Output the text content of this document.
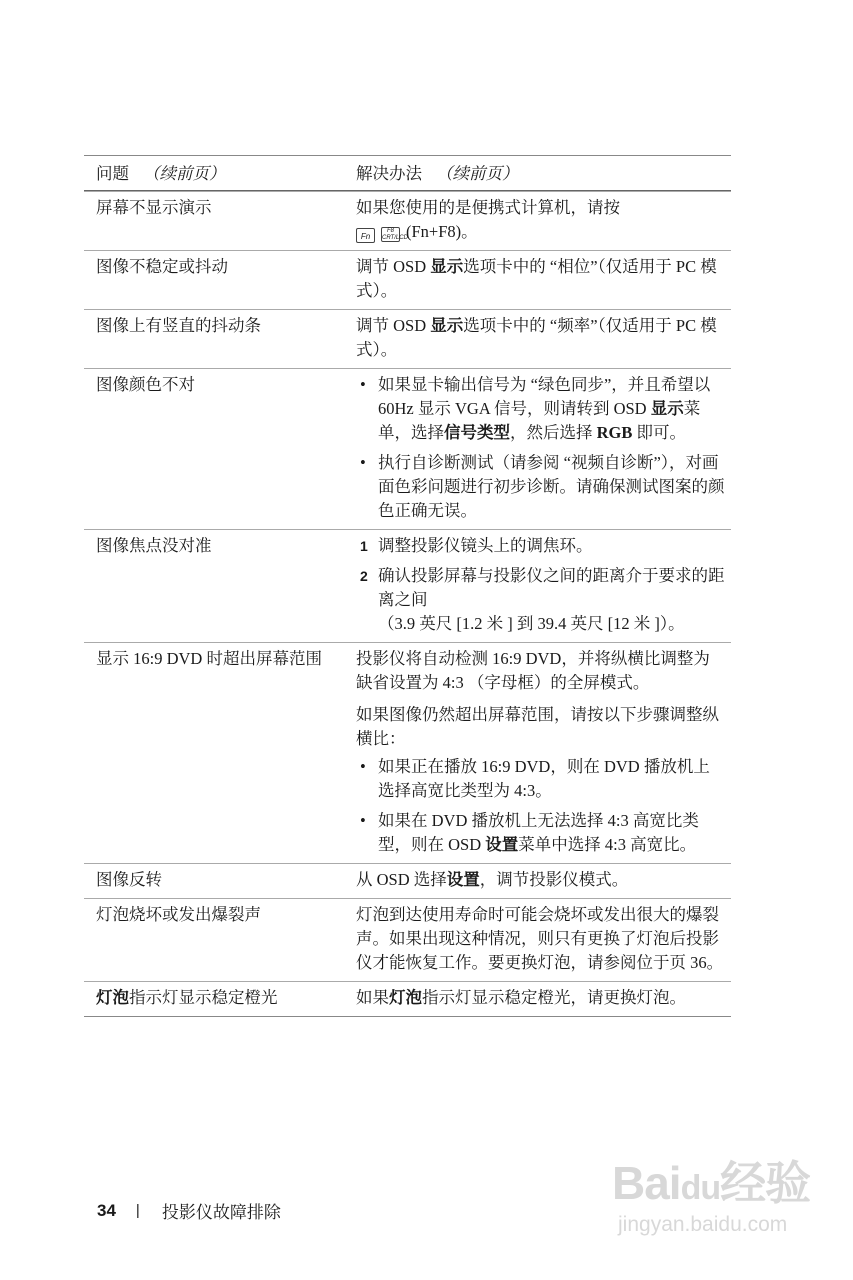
问题 （续前页）	解决办法 （续前页）
屏幕不显示演示	如果您使用的是便携式计算机，请按
FnF8
CRT/LCD(Fn+F8)。
图像不稳定或抖动	调节 OSD 显示选项卡中的 “相位”（仅适用于 PC 模式）。
图像上有竖直的抖动条	调节 OSD 显示选项卡中的 “频率”（仅适用于 PC 模式）。
图像颜色不对
•	如果显卡输出信号为 “绿色同步”，并且希望以 60Hz 显示 VGA 信号，则请转到 OSD 显示菜单，选择信号类型，然后选择 RGB 即可。
• 执行自诊断测试（请参阅 “视频自诊断”），对画面色彩问题进行初步诊断。请确保测试图案的颜色正确无误。
图像焦点没对准	1 调整投影仪镜头上的调焦环。
2 确认投影屏幕与投影仪之间的距离介于要求的距离之间
（3.9 英尺 [1.2 米 ] 到 39.4 英尺 [12 米 ]）。
显示 16:9 DVD 时超出屏幕范围	投影仪将自动检测 16:9 DVD，并将纵横比调整为缺省设置为 4:3 （字母框）的全屏模式。

如果图像仍然超出屏幕范围，请按以下步骤调整纵横比：

• 如果正在播放 16:9 DVD，则在 DVD 播放机上选择高宽比类型为 4:3。
• 如果在 DVD 播放机上无法选择 4:3 高宽比类型，则在 OSD 设置菜单中选择 4:3 高宽比。
图像反转	从 OSD 选择设置，调节投影仪模式。
灯泡烧坏或发出爆裂声	灯泡到达使用寿命时可能会烧坏或发出很大的爆裂声。如果出现这种情况，则只有更换了灯泡后投影仪才能恢复工作。要更换灯泡，请参阅位于页 36。
灯泡指示灯显示稳定橙光	如果灯泡指示灯显示稳定橙光，请更换灯泡。
34 | 投影仪故障排除
Baidu经验
jingyan.baidu.com
